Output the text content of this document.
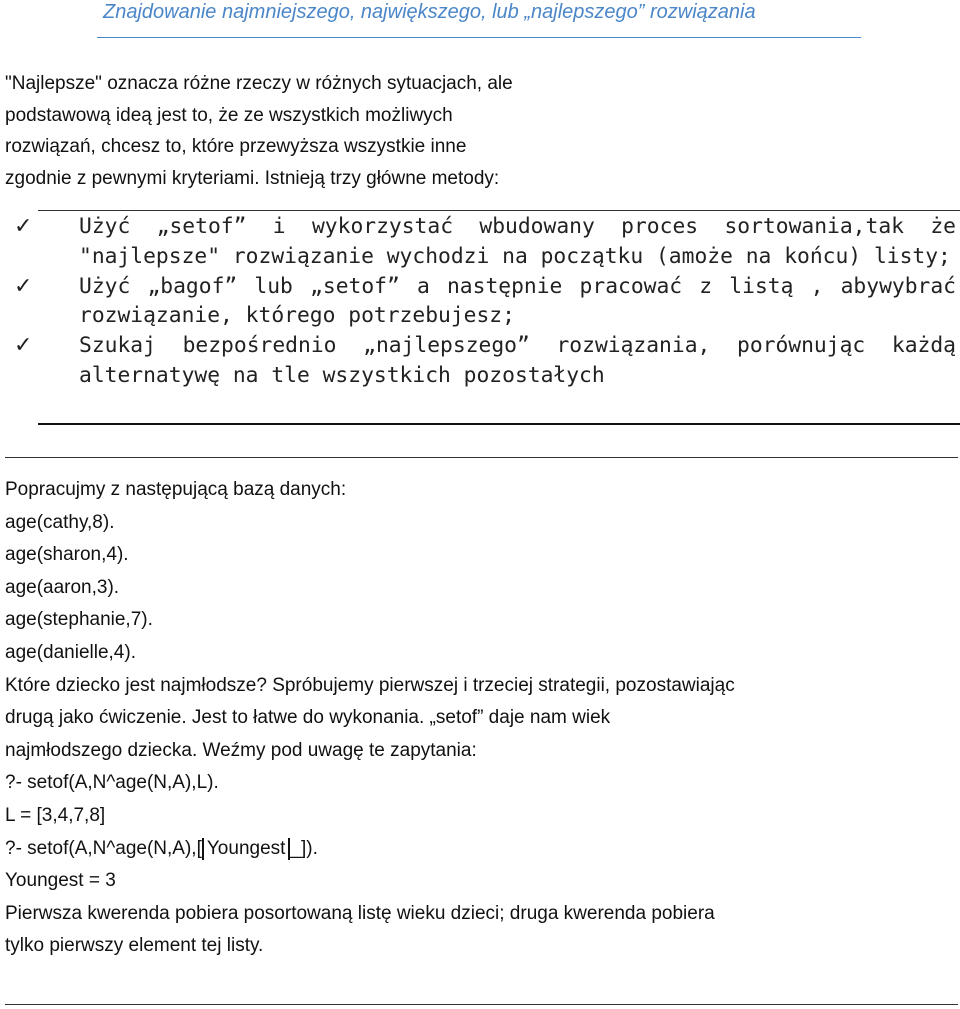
Znajdowanie najmniejszego, największego, lub „najlepszego” rozwiązania

"Najlepsze" oznacza różne rzeczy w różnych sytuacjach, ale

podstawową ideą jest to, że ze wszystkich możliwych

rozwiązań, chcesz to, które przewyższa wszystkie inne

zgodnie z pewnymi kryteriami. Istnieją trzy główne metody:

✓ Użyć „setof” i wykorzystać wbudowany proces sortowania,tak że "najlepsze" rozwiązanie wychodzi na początku (amoże na końcu) listy;
✓ Użyć „bagof” lub „setof” a następnie pracować z listą , abywybrać rozwiązanie, którego potrzebujesz;
✓ Szukaj bezpośrednio „najlepszego” rozwiązania, porównując każdą alternatywę na tle wszystkich pozostałych
Popracujmy z następującą bazą danych:
age(cathy,8).
age(sharon,4).
age(aaron,3).
age(stephanie,7).
age(danielle,4).
Które dziecko jest najmłodsze? Spróbujemy pierwszej i trzeciej strategii, pozostawiając
drugą jako ćwiczenie. Jest to łatwe do wykonania. „setof” daje nam wiek
najmłodszego dziecka. Weźmy pod uwagę te zapytania:
?- setof(A,N^age(N,A),L).
L = [3,4,7,8]
?- setof(A,N^age(N,A),[ Youngest _]).
Youngest = 3
Pierwsza kwerenda pobiera posortowaną listę wieku dzieci; druga kwerenda pobiera
tylko pierwszy element tej listy.
